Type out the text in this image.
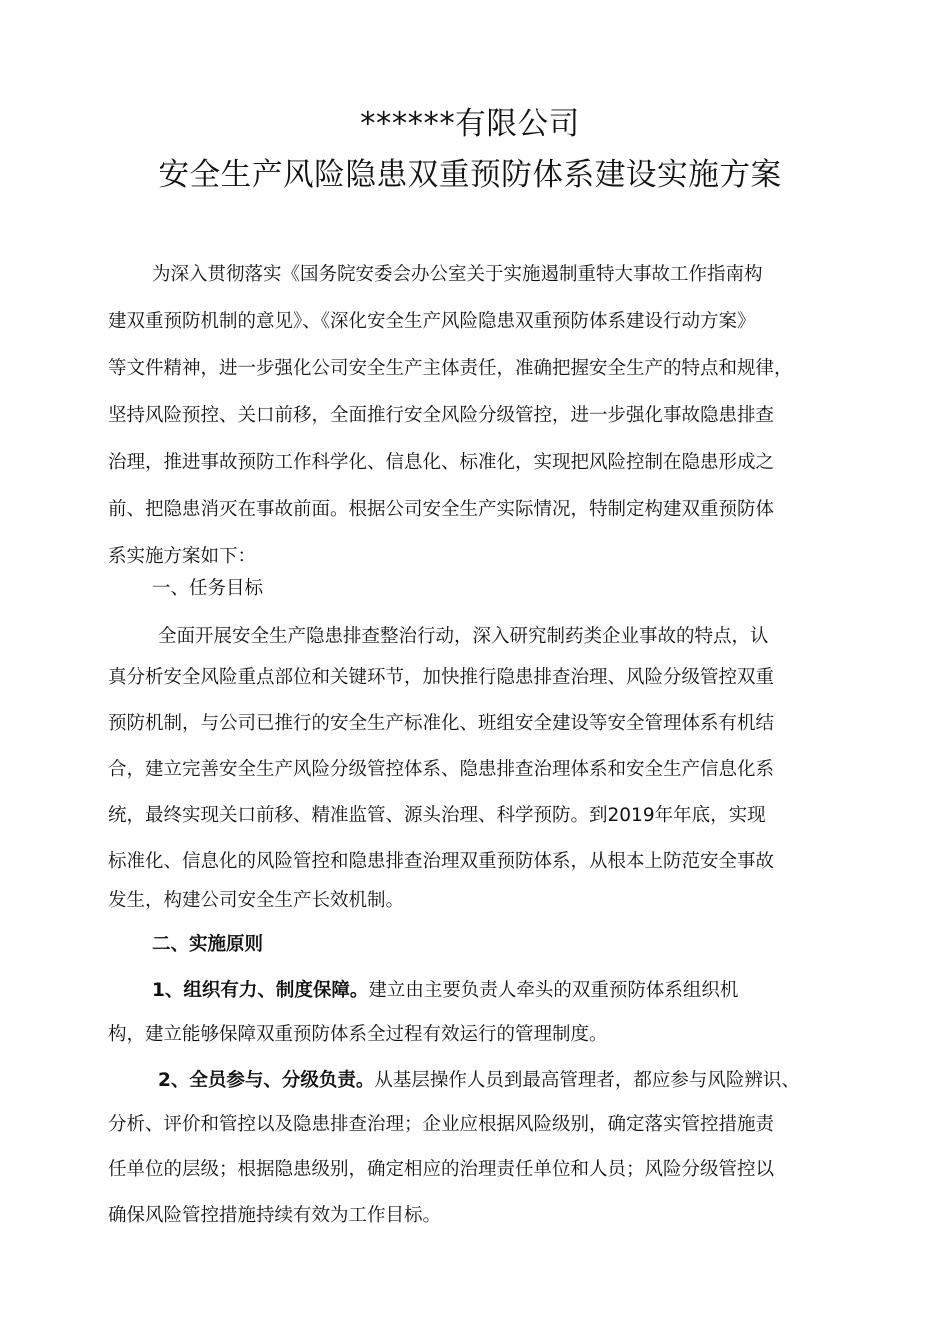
******有限公司
安全生产风险隐患双重预防体系建设实施方案
为深入贯彻落实《国务院安委会办公室关于实施遏制重特大事故工作指南构
建双重预防机制的意见》、《深化安全生产风险隐患双重预防体系建设行动方案》
等文件精神，进一步强化公司安全生产主体责任，准确把握安全生产的特点和规律，
坚持风险预控、关口前移，全面推行安全风险分级管控，进一步强化事故隐患排查
治理，推进事故预防工作科学化、信息化、标准化，实现把风险控制在隐患形成之
前、把隐患消灭在事故前面。根据公司安全生产实际情况，特制定构建双重预防体
系实施方案如下：
一、任务目标
全面开展安全生产隐患排查整治行动，深入研究制药类企业事故的特点，认
真分析安全风险重点部位和关键环节，加快推行隐患排查治理、风险分级管控双重
预防机制，与公司已推行的安全生产标准化、班组安全建设等安全管理体系有机结
合，建立完善安全生产风险分级管控体系、隐患排查治理体系和安全生产信息化系
统，最终实现关口前移、精准监管、源头治理、科学预防。到2019年年底，实现
标准化、信息化的风险管控和隐患排查治理双重预防体系，从根本上防范安全事故
发生，构建公司安全生产长效机制。
二、实施原则
1、组织有力、制度保障。建立由主要负责人牵头的双重预防体系组织机
构，建立能够保障双重预防体系全过程有效运行的管理制度。
2、全员参与、分级负责。从基层操作人员到最高管理者，都应参与风险辨识、
分析、评价和管控以及隐患排查治理；企业应根据风险级别，确定落实管控措施责
任单位的层级；根据隐患级别，确定相应的治理责任单位和人员；风险分级管控以
确保风险管控措施持续有效为工作目标。
